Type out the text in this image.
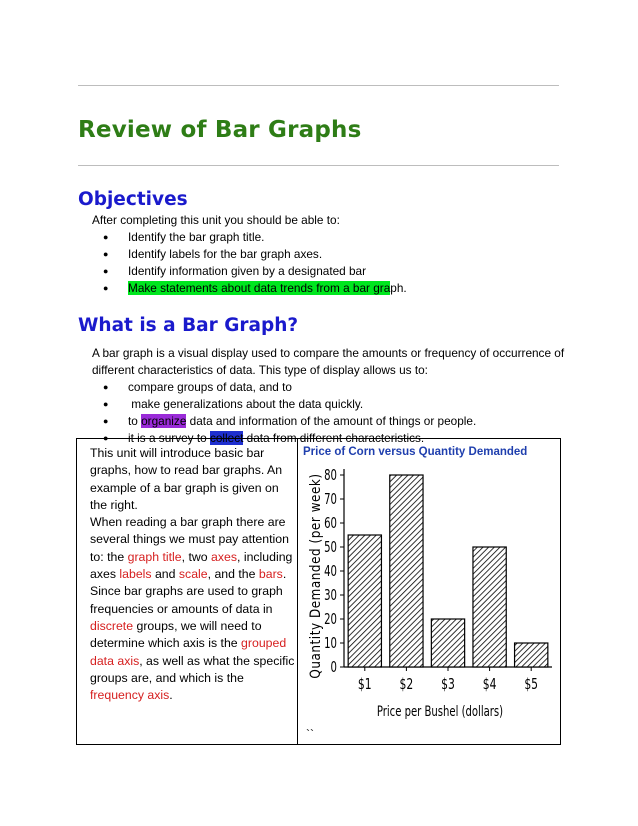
Review of Bar Graphs
Objectives
After completing this unit you should be able to:
● Identify the bar graph title.
● Identify labels for the bar graph axes.
● Identify information given by a designated bar
● Make statements about data trends from a bar graph.
What is a Bar Graph?
A bar graph is a visual display used to compare the amounts or frequency of occurrence of
different characteristics of data. This type of display allows us to:
● compare groups of data, and to
●  make generalizations about the data quickly.
● to organize data and information of the amount of things or people.
● it is a survey to collect data from different characteristics.
This unit will introduce basic bar graphs, how to read bar graphs. An example of a bar graph is given on the right.
When reading a bar graph there are several things we must pay attention to: the graph title, two axes, including axes labels and scale, and the bars. Since bar graphs are used to graph frequencies or amounts of data in discrete groups, we will need to determine which axis is the grouped data axis, as well as what the specific groups are, and which is the frequency axis.
Price of Corn versus Quantity Demanded
``
0
10
20
30
40
50
60
70
80
$1 $2 $3 $4 $5
Price per Bushel (dollars)
Quantity Demanded (per week)
